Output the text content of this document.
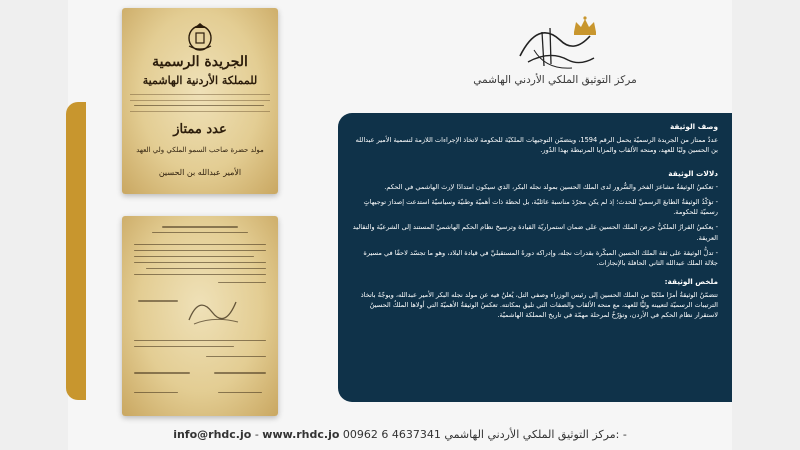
الجريدة الرسمية
للمملكة الأردنية الهاشمية
عدد ممتاز
مولد حضرة صاحب السمو الملكي ولي العهد
الأمير عبدالله بن الحسين
مركز التوثيق الملكي الأردني الهاشمي
وصف الوثيقة

عددٌ ممتاز من الجريدة الرسميّة يحمل الرقم 1594، ويتضمّن التوجيهات الملكيّة للحكومة لاتخاذ الإجراءات اللازمة لتسمية الأمير عبدالله بن الحسين وليًا للعهد، ومنحه الألقاب والمزايا المرتبطة بهذا الدّور.

دلالات الوثيقة
- تعكسُ الوثيقةُ مشاعرَ الفخر والسُّرور لدى الملك الحسين بمولد نجله البكر، الذي سيكون امتدادًا لإرث الهاشمي في الحكم.
- تؤكّدُ الوثيقةُ الطابعَ الرسميَّ للحدث؛ إذ لم يكن مجرّدَ مناسبة عائليّة، بل لحظة ذات أهميّة وطنيّة وسياسيّة استدعت إصدارَ توجيهاتٍ رسميّة للحكومة.
- يعكسُ القرارُ الملكيُّ حرصَ الملك الحسين على ضمان استمراريّة القيادة وترسيخ نظام الحكم الهاشميّ المستند إلى الشرعيّة والتقاليد العريقة.
- تدلُّ الوثيقة على ثقة الملك الحسين المبكّرة بقدرات نجله، وإدراكه دورهُ المستقبليَّ في قيادة البلاد، وهو ما تجسّد لاحقًا في مسيرة جلالة الملك عبدالله الثاني الحافلة بالإنجازات.
ملخص الوثيقة:

تتضمّنُ الوثيقةُ أمرًا ملكيًا من الملك الحسين إلى رئيس الوزراء وصفي التل، يُعلنُ فيه عن مولد نجله البكر الأمير عبدالله، ويوجّهُ باتخاذ الترتيبات الرسميّة لتعيينه وليًّا للعهد، مع منحه الألقاب والصفات التي تليق بمكانته. تعكسُ الوثيقةُ الأهميّةَ التي أولاها الملكُ الحسينُ لاستقرار نظام الحكم في الأردن، وتؤرّخُ لمرحلة مهمّة في تاريخ المملكة الهاشميّة.

info@rhdc.jo - www.rhdc.jo 00962 6 4637341 مركز التوثيق الملكي الأردني الهاشمي: -
